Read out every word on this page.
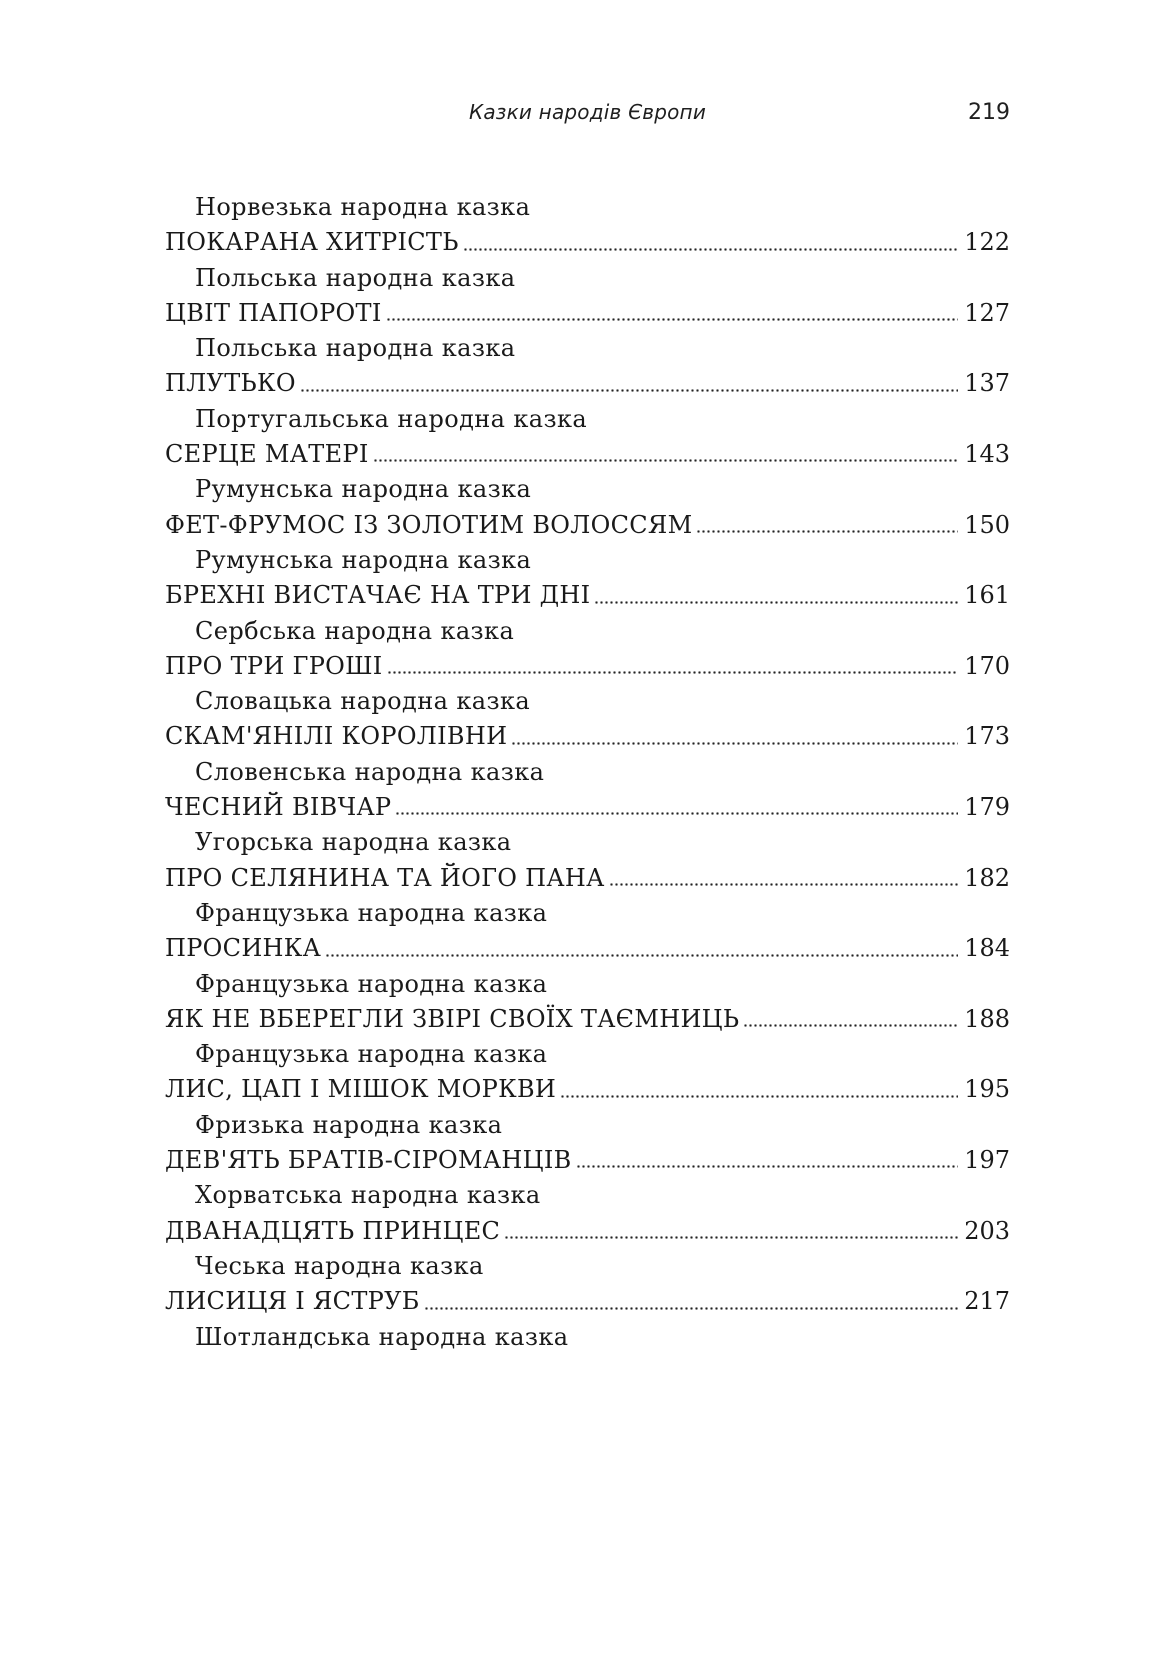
Казки народів Європи	219
Норвезька народна казка
ПОКАРАНА ХИТРІСТЬ	122
Польська народна казка
ЦВІТ ПАПОРОТІ	127
Польська народна казка
ПЛУТЬКО	137
Португальська народна казка
СЕРЦЕ МАТЕРІ	143
Румунська народна казка
ФЕТ-ФРУМОС ІЗ ЗОЛОТИМ ВОЛОССЯМ	150
Румунська народна казка
БРЕХНІ ВИСТАЧАЄ НА ТРИ ДНІ	161
Сербська народна казка
ПРО ТРИ ГРОШІ	170
Словацька народна казка
СКАМ'ЯНІЛІ КОРОЛІВНИ	173
Словенська народна казка
ЧЕСНИЙ ВІВЧАР	179
Угорська народна казка
ПРО СЕЛЯНИНА ТА ЙОГО ПАНА	182
Французька народна казка
ПРОСИНКА	184
Французька народна казка
ЯК НЕ ВБЕРЕГЛИ ЗВІРІ СВОЇХ ТАЄМНИЦЬ	188
Французька народна казка
ЛИС, ЦАП І МІШОК МОРКВИ	195
Фризька народна казка
ДЕВ'ЯТЬ БРАТІВ-СІРОМАНЦІВ	197
Хорватська народна казка
ДВАНАДЦЯТЬ ПРИНЦЕС	203
Чеська народна казка
ЛИСИЦЯ І ЯСТРУБ	217
Шотландська народна казка
